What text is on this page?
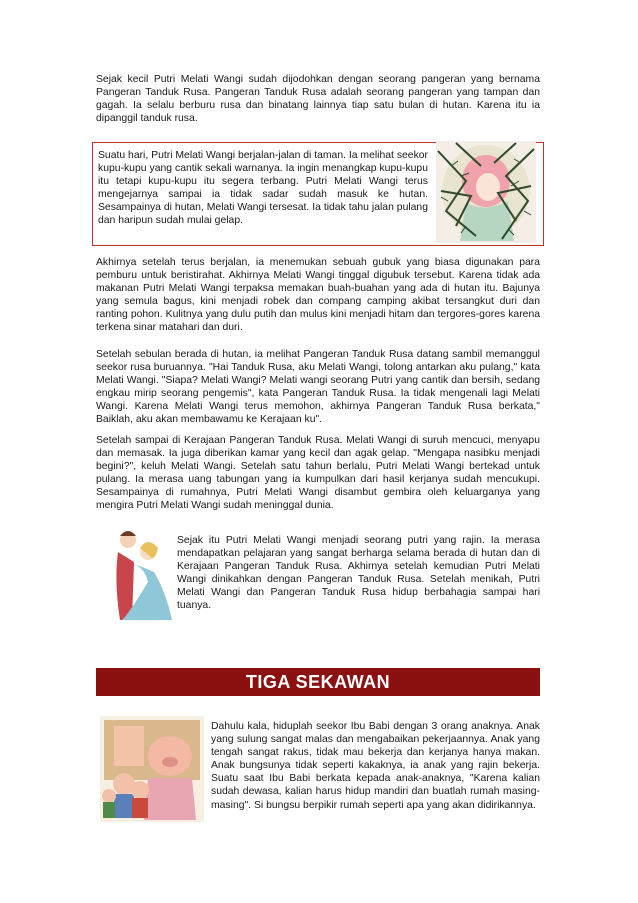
Sejak kecil Putri Melati Wangi sudah dijodohkan dengan seorang pangeran yang bernama Pangeran Tanduk Rusa. Pangeran Tanduk Rusa adalah seorang pangeran yang tampan dan gagah. Ia selalu berburu rusa dan binatang lainnya tiap satu bulan di hutan. Karena itu ia dipanggil tanduk rusa.

Suatu hari, Putri Melati Wangi berjalan-jalan di taman. Ia melihat seekor kupu-kupu yang cantik sekali warnanya. Ia ingin menangkap kupu-kupu itu tetapi kupu-kupu itu segera terbang. Putri Melati Wangi terus mengejarnya sampai ia tidak sadar sudah masuk ke hutan. Sesampainya di hutan, Melati Wangi tersesat. Ia tidak tahu jalan pulang dan haripun sudah mulai gelap.

Akhirnya setelah terus berjalan, ia menemukan sebuah gubuk yang biasa digunakan para pemburu untuk beristirahat. Akhirnya Melati Wangi tinggal digubuk tersebut. Karena tidak ada makanan Putri Melati Wangi terpaksa memakan buah-buahan yang ada di hutan itu. Bajunya yang semula bagus, kini menjadi robek dan compang camping akibat tersangkut duri dan ranting pohon. Kulitnya yang dulu putih dan mulus kini menjadi hitam dan tergores-gores karena terkena sinar matahari dan duri.

Setelah sebulan berada di hutan, ia melihat Pangeran Tanduk Rusa datang sambil memanggul seekor rusa buruannya. "Hai Tanduk Rusa, aku Melati Wangi, tolong antarkan aku pulang," kata Melati Wangi. "Siapa? Melati Wangi? Melati wangi seorang Putri yang cantik dan bersih, sedang engkau mirip seorang pengemis", kata Pangeran Tanduk Rusa. Ia tidak mengenali lagi Melati Wangi. Karena Melati Wangi terus memohon, akhirnya Pangeran Tanduk Rusa berkata," Baiklah, aku akan membawamu ke Kerajaan ku".

Setelah sampai di Kerajaan Pangeran Tanduk Rusa. Melati Wangi di suruh mencuci, menyapu dan memasak. Ia juga diberikan kamar yang kecil dan agak gelap. "Mengapa nasibku menjadi begini?", keluh Melati Wangi. Setelah satu tahun berlalu, Putri Melati Wangi bertekad untuk pulang. Ia merasa uang tabungan yang ia kumpulkan dari hasil kerjanya sudah mencukupi. Sesampainya di rumahnya, Putri Melati Wangi disambut gembira oleh keluarganya yang mengira Putri Melati Wangi sudah meninggal dunia.

Sejak itu Putri Melati Wangi menjadi seorang putri yang rajin. Ia merasa mendapatkan pelajaran yang sangat berharga selama berada di hutan dan di Kerajaan Pangeran Tanduk Rusa. Akhirnya setelah kemudian Putri Melati Wangi dinikahkan dengan Pangeran Tanduk Rusa. Setelah menikah, Putri Melati Wangi dan Pangeran Tanduk Rusa hidup berbahagia sampai hari tuanya.

TIGA SEKAWAN

Dahulu kala, hiduplah seekor Ibu Babi dengan 3 orang anaknya. Anak yang sulung sangat malas dan mengabaikan pekerjaannya. Anak yang tengah sangat rakus, tidak mau bekerja dan kerjanya hanya makan. Anak bungsunya tidak seperti kakaknya, ia anak yang rajin bekerja. Suatu saat Ibu Babi berkata kepada anak-anaknya, "Karena kalian sudah dewasa, kalian harus hidup mandiri dan buatlah rumah masing-masing". Si bungsu berpikir rumah seperti apa yang akan didirikannya.
